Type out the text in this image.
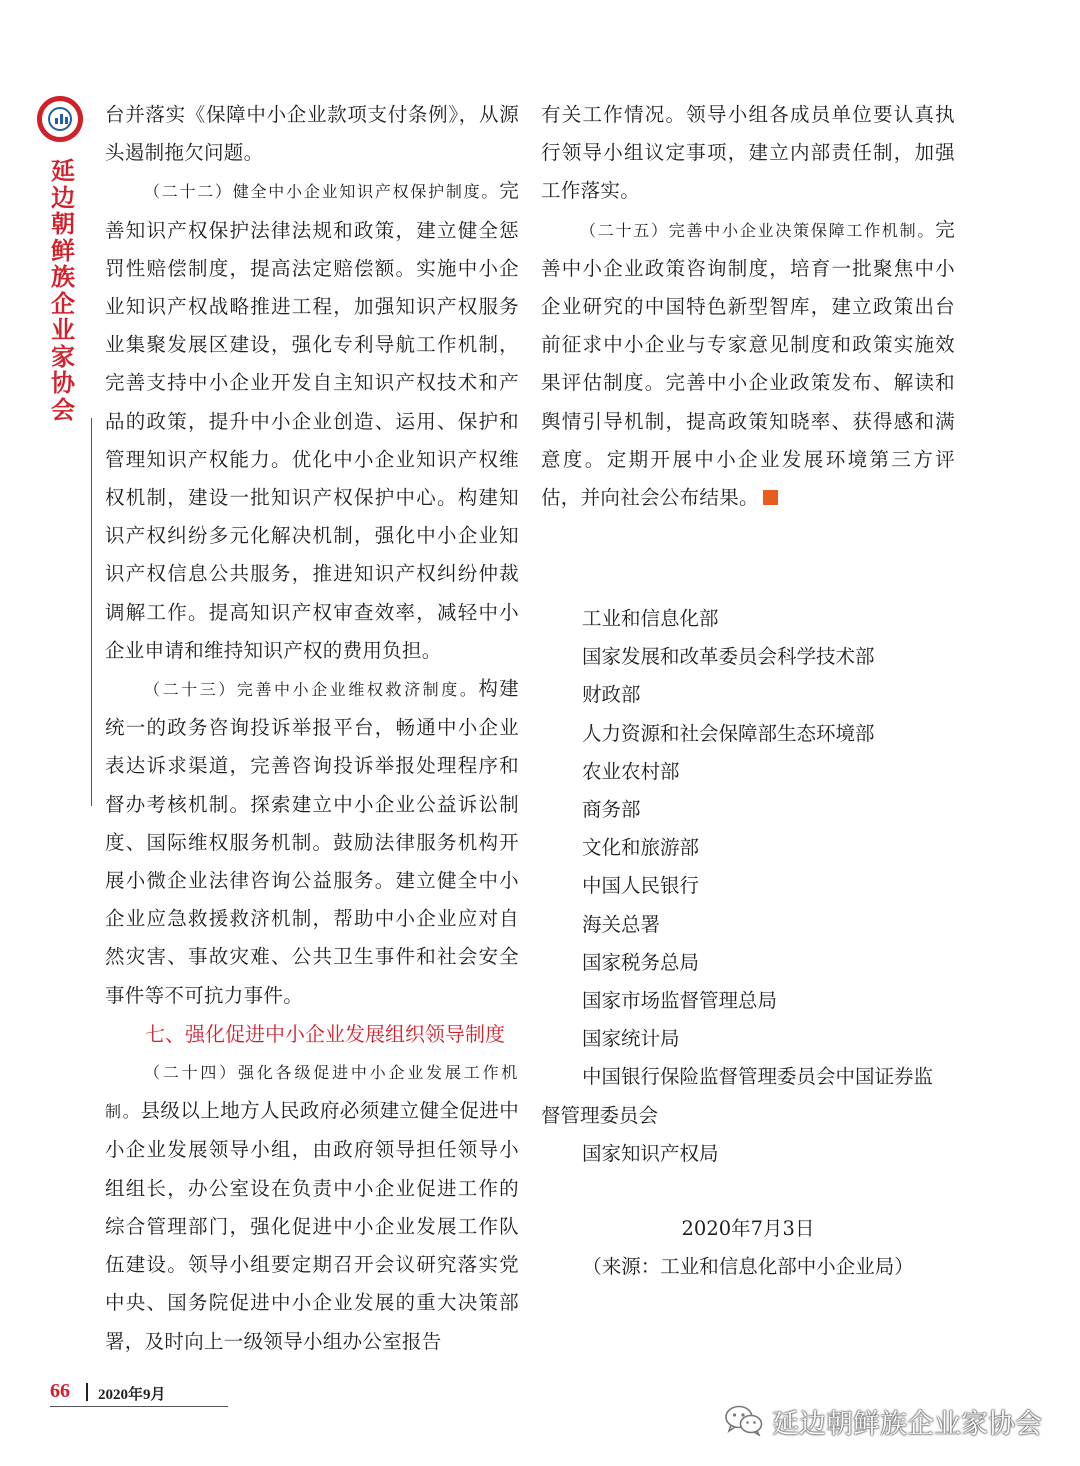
延边朝鲜族企业家协会

台并落实《保障中小企业款项支付条例》，从源头遏制拖欠问题。

（二十二）健全中小企业知识产权保护制度。完善知识产权保护法律法规和政策，建立健全惩罚性赔偿制度，提高法定赔偿额。实施中小企业知识产权战略推进工程，加强知识产权服务业集聚发展区建设，强化专利导航工作机制，完善支持中小企业开发自主知识产权技术和产品的政策，提升中小企业创造、运用、保护和管理知识产权能力。优化中小企业知识产权维权机制，建设一批知识产权保护中心。构建知识产权纠纷多元化解决机制，强化中小企业知识产权信息公共服务，推进知识产权纠纷仲裁调解工作。提高知识产权审查效率，减轻中小企业申请和维持知识产权的费用负担。

（二十三）完善中小企业维权救济制度。构建统一的政务咨询投诉举报平台，畅通中小企业表达诉求渠道，完善咨询投诉举报处理程序和督办考核机制。探索建立中小企业公益诉讼制度、国际维权服务机制。鼓励法律服务机构开展小微企业法律咨询公益服务。建立健全中小企业应急救援救济机制，帮助中小企业应对自然灾害、事故灾难、公共卫生事件和社会安全事件等不可抗力事件。

七、强化促进中小企业发展组织领导制度

（二十四）强化各级促进中小企业发展工作机制。县级以上地方人民政府必须建立健全促进中小企业发展领导小组，由政府领导担任领导小组组长，办公室设在负责中小企业促进工作的综合管理部门，强化促进中小企业发展工作队伍建设。领导小组要定期召开会议研究落实党中央、国务院促进中小企业发展的重大决策部署，及时向上一级领导小组办公室报告

有关工作情况。领导小组各成员单位要认真执行领导小组议定事项，建立内部责任制，加强工作落实。

（二十五）完善中小企业决策保障工作机制。完善中小企业政策咨询制度，培育一批聚焦中小企业研究的中国特色新型智库，建立政策出台前征求中小企业与专家意见制度和政策实施效果评估制度。完善中小企业政策发布、解读和舆情引导机制，提高政策知晓率、获得感和满意度。定期开展中小企业发展环境第三方评估，并向社会公布结果。

工业和信息化部

国家发展和改革委员会科学技术部

财政部

人力资源和社会保障部生态环境部

农业农村部

商务部

文化和旅游部

中国人民银行

海关总署

国家税务总局

国家市场监督管理总局

国家统计局

中国银行保险监督管理委员会中国证券监

督管理委员会

国家知识产权局

2020年7月3日
（来源：工业和信息化部中小企业局）
66 2020年9月
延边朝鲜族企业家协会
